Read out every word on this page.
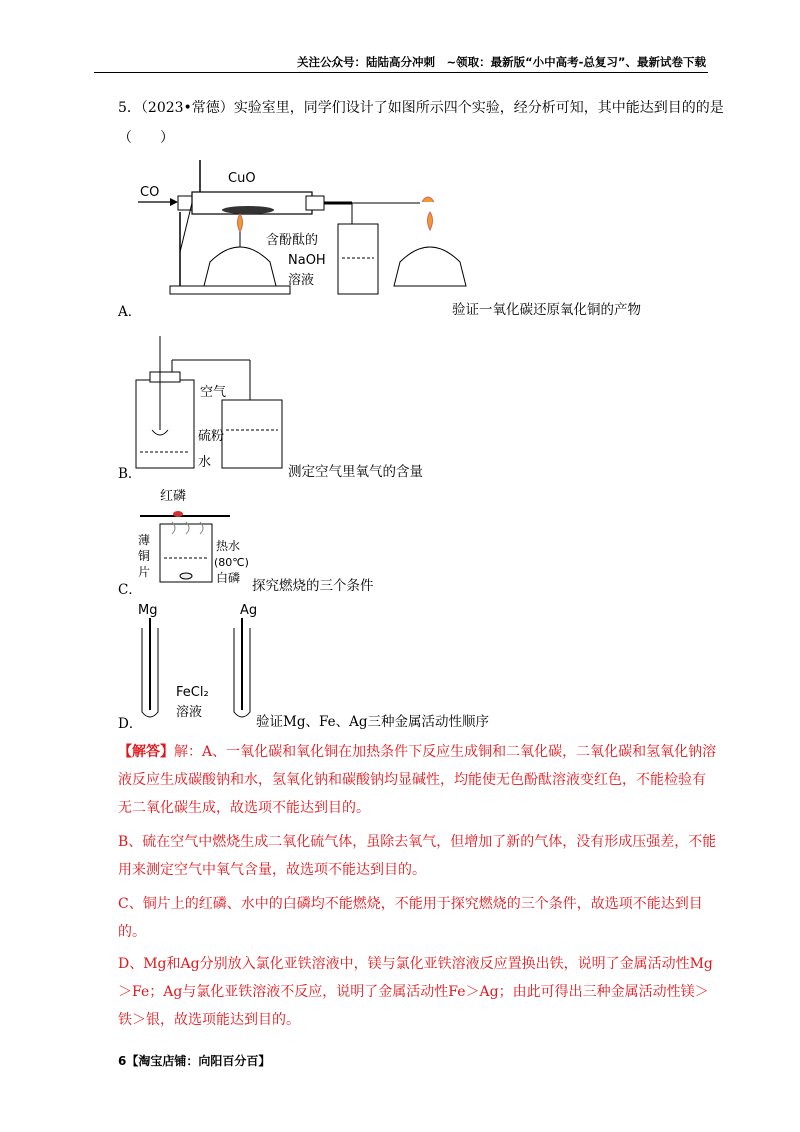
关注公众号：陆陆高分冲刺　~领取：最新版“小中高考-总复习”、最新试卷下载
5．（2023•常德）实验室里，同学们设计了如图所示四个实验，经分析可知，其中能达到目的的是
（　　）
CO
CuO
含酚酞的
NaOH
溶液
A．	验证一氧化碳还原氧化铜的产物
空气
硫粉
水
B．	测定空气里氧气的含量
红磷
薄
铜
片
热水
(80℃)
白磷
C．	探究燃烧的三个条件
Mg	Ag
FeCl₂
溶液
D．	验证Mg、Fe、Ag三种金属活动性顺序
【解答】解：A、一氧化碳和氧化铜在加热条件下反应生成铜和二氧化碳，二氧化碳和氢氧化钠溶液反应生成碳酸钠和水，氢氧化钠和碳酸钠均显碱性，均能使无色酚酞溶液变红色，不能检验有无二氧化碳生成，故选项不能达到目的。
B、硫在空气中燃烧生成二氧化硫气体，虽除去氧气，但增加了新的气体，没有形成压强差，不能用来测定空气中氧气含量，故选项不能达到目的。
C、铜片上的红磷、水中的白磷均不能燃烧，不能用于探究燃烧的三个条件，故选项不能达到目的。
D、Mg和Ag分别放入氯化亚铁溶液中，镁与氯化亚铁溶液反应置换出铁，说明了金属活动性Mg＞Fe；Ag与氯化亚铁溶液不反应，说明了金属活动性Fe＞Ag；由此可得出三种金属活动性镁＞铁＞银，故选项能达到目的。
6【淘宝店铺：向阳百分百】
